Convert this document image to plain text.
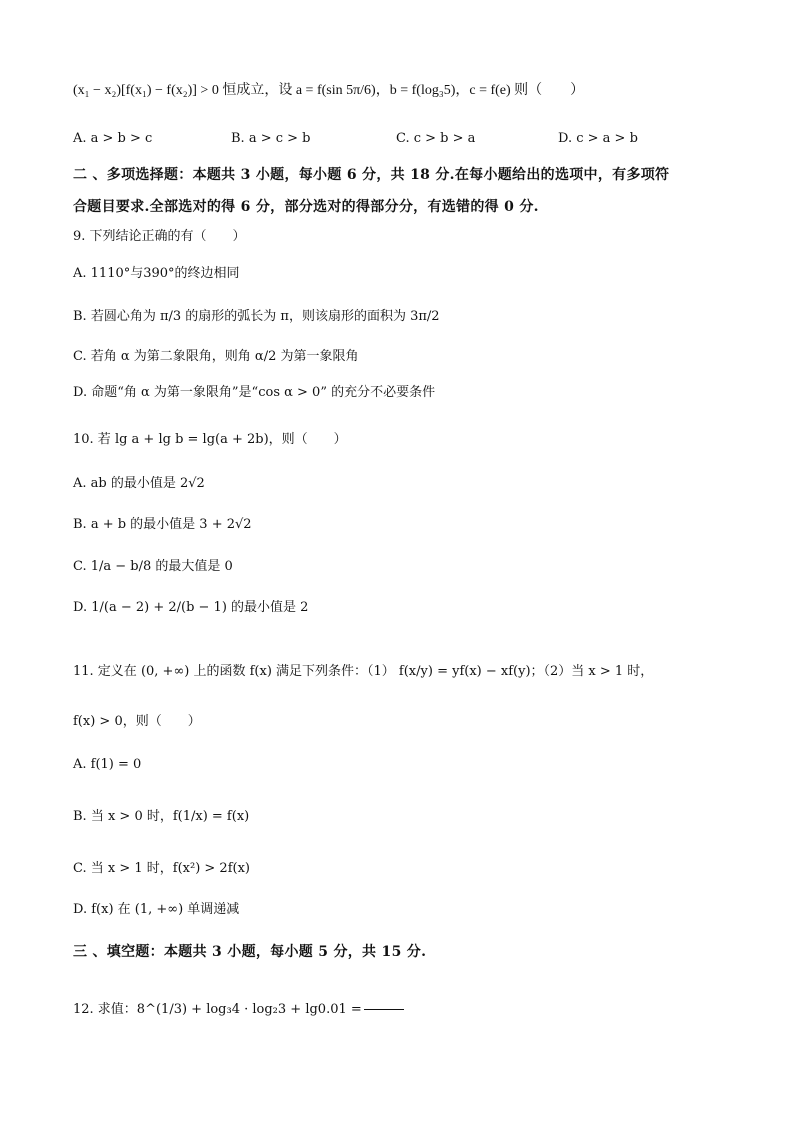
(x₁ − x₂)[f(x₁) − f(x₂)] > 0 恒成立，设 a = f(sin 5π/6)，b = f(log₃5)，c = f(e) 则（　　）
A. a > b > c	B. a > c > b	C. c > b > a	D. c > a > b
二 、多项选择题：本题共 3 小题，每小题 6 分，共 18 分.在每小题给出的选项中，有多项符
合题目要求.全部选对的得 6 分，部分选对的得部分分，有选错的得 0 分.
9. 下列结论正确的有（　　）
A. 1110°与390°的终边相同
B. 若圆心角为 π/3 的扇形的弧长为 π，则该扇形的面积为 3π/2
C. 若角 α 为第二象限角，则角 α/2 为第一象限角
D. 命题“角 α 为第一象限角”是“cos α > 0” 的充分不必要条件
10. 若 lg a + lg b = lg(a + 2b)，则（　　）
A. ab 的最小值是 2√2
B. a + b 的最小值是 3 + 2√2
C. 1/a − b/8 的最大值是 0
D. 1/(a − 2) + 2/(b − 1) 的最小值是 2
11. 定义在 (0, +∞) 上的函数 f(x) 满足下列条件：（1） f(x/y) = yf(x) − xf(y)；（2）当 x > 1 时，
f(x) > 0，则（　　）
A. f(1) = 0
B. 当 x > 0 时，f(1/x) = f(x)
C. 当 x > 1 时，f(x²) > 2f(x)
D. f(x) 在 (1, +∞) 单调递减
三 、填空题：本题共 3 小题，每小题 5 分，共 15 分.
12. 求值：8^(1/3) + log₃4 · log₂3 + lg0.01 =
